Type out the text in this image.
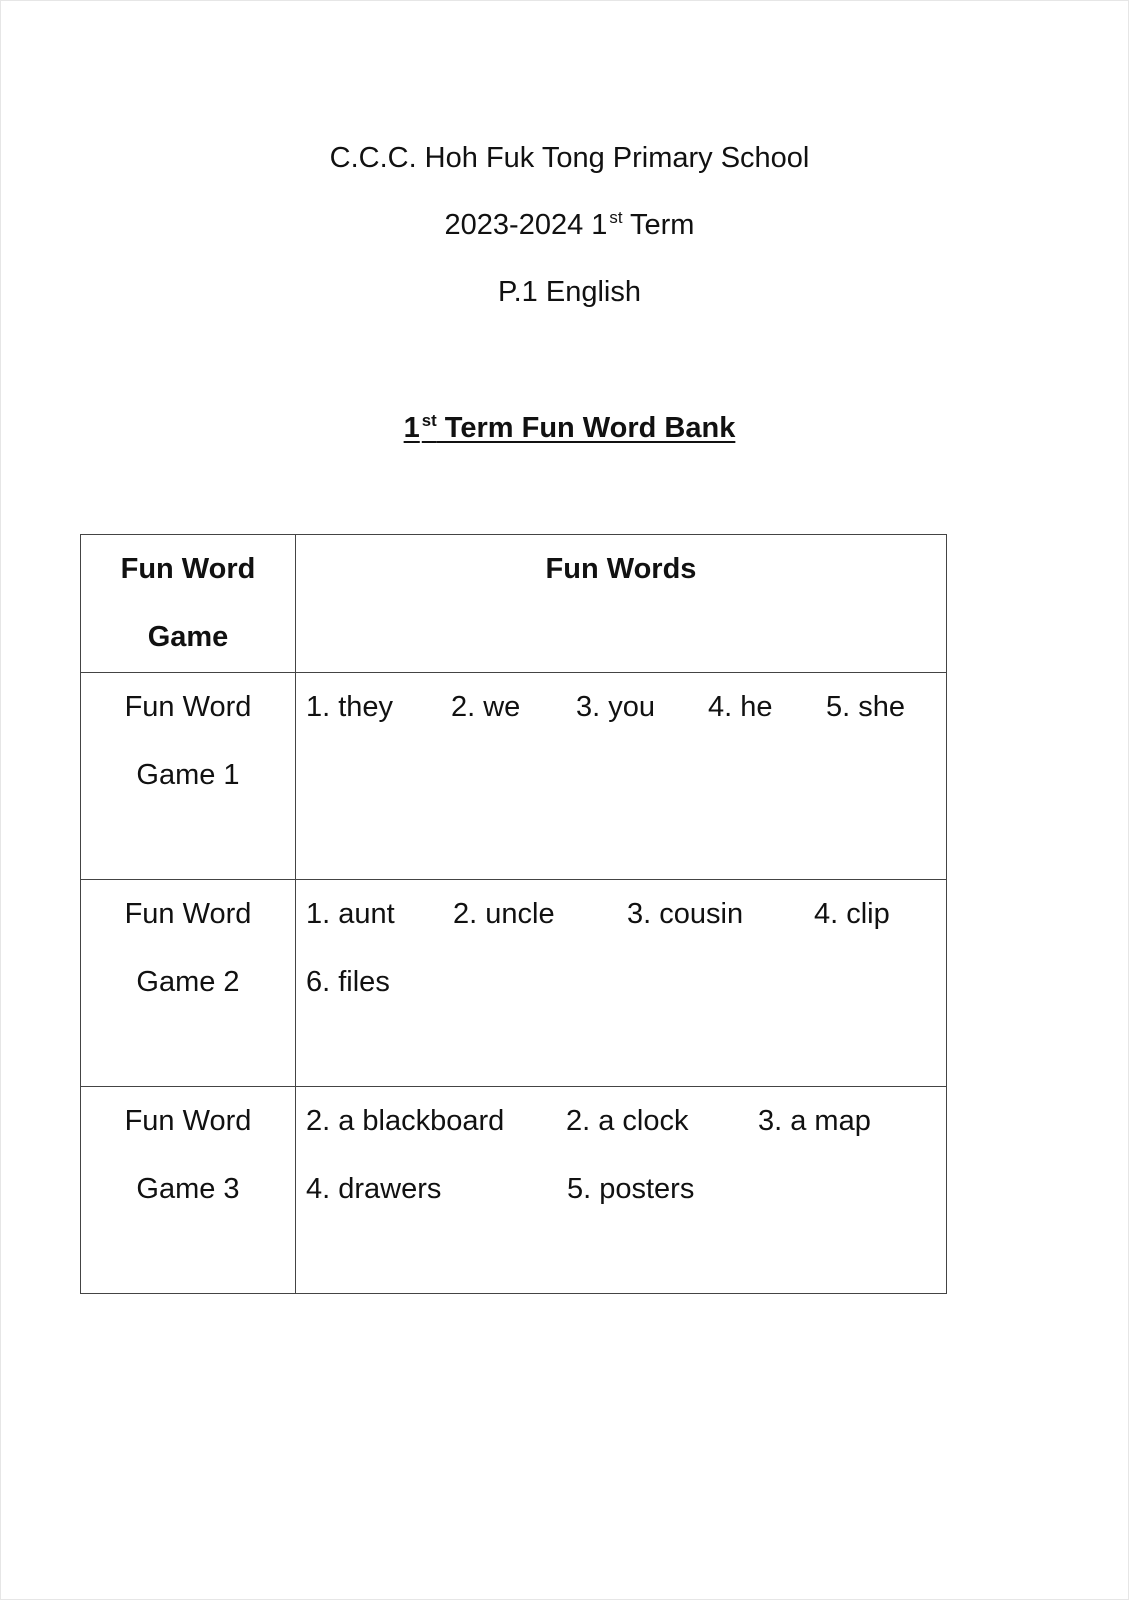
C.C.C. Hoh Fuk Tong Primary School
2023-2024 1 $^{st}$ Term
P.1 English
1 $^{st}$ Term Fun Word Bank
Fun Word
Game	Fun Words

Fun Word
Game 1	1. they 2. we 3. you 4. he 5. she

Fun Word
Game 2	1. aunt 2. uncle 3. cousin 4. clip
6. files

Fun Word
Game 3	2. a blackboard 2. a clock 3. a map
4. drawers 5. posters
